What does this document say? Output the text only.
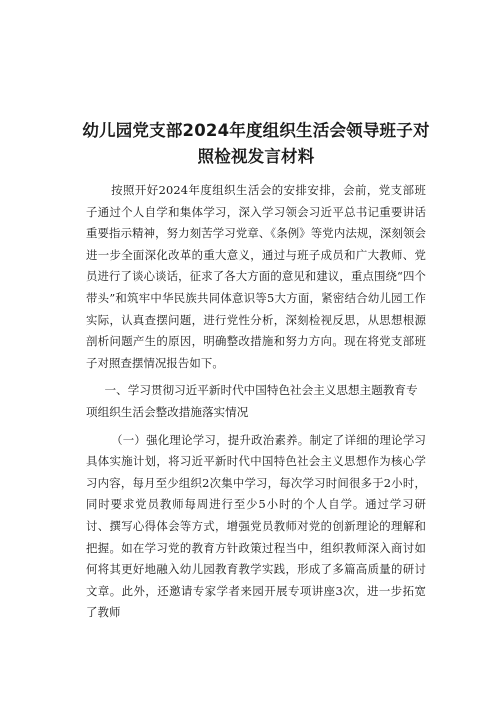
幼儿园党支部2024年度组织生活会领导班子对
照检视发言材料

按照开好2024年度组织生活会的安排安排，会前，党支部班子通过个人自学和集体学习，深入学习领会习近平总书记重要讲话重要指示精神，努力刻苦学习党章、《条例》等党内法规，深刻领会进一步全面深化改革的重大意义，通过与班子成员和广大教师、党员进行了谈心谈话，征求了各大方面的意见和建议，重点围绕“四个带头”和筑牢中华民族共同体意识等5大方面，紧密结合幼儿园工作实际，认真查摆问题，进行党性分析，深刻检视反思，从思想根源剖析问题产生的原因，明确整改措施和努力方向。现在将党支部班子对照查摆情况报告如下。

一、学习贯彻习近平新时代中国特色社会主义思想主题教育专项组织生活会整改措施落实情况

（一）强化理论学习，提升政治素养。制定了详细的理论学习具体实施计划，将习近平新时代中国特色社会主义思想作为核心学习内容，每月至少组织2次集中学习，每次学习时间很多于2小时，同时要求党员教师每周进行至少5小时的个人自学。通过学习研讨、撰写心得体会等方式，增强党员教师对党的创新理论的理解和把握。如在学习党的教育方针政策过程当中，组织教师深入商讨如何将其更好地融入幼儿园教育教学实践，形成了多篇高质量的研讨文章。此外，还邀请专家学者来园开展专项讲座3次，进一步拓宽了教师
